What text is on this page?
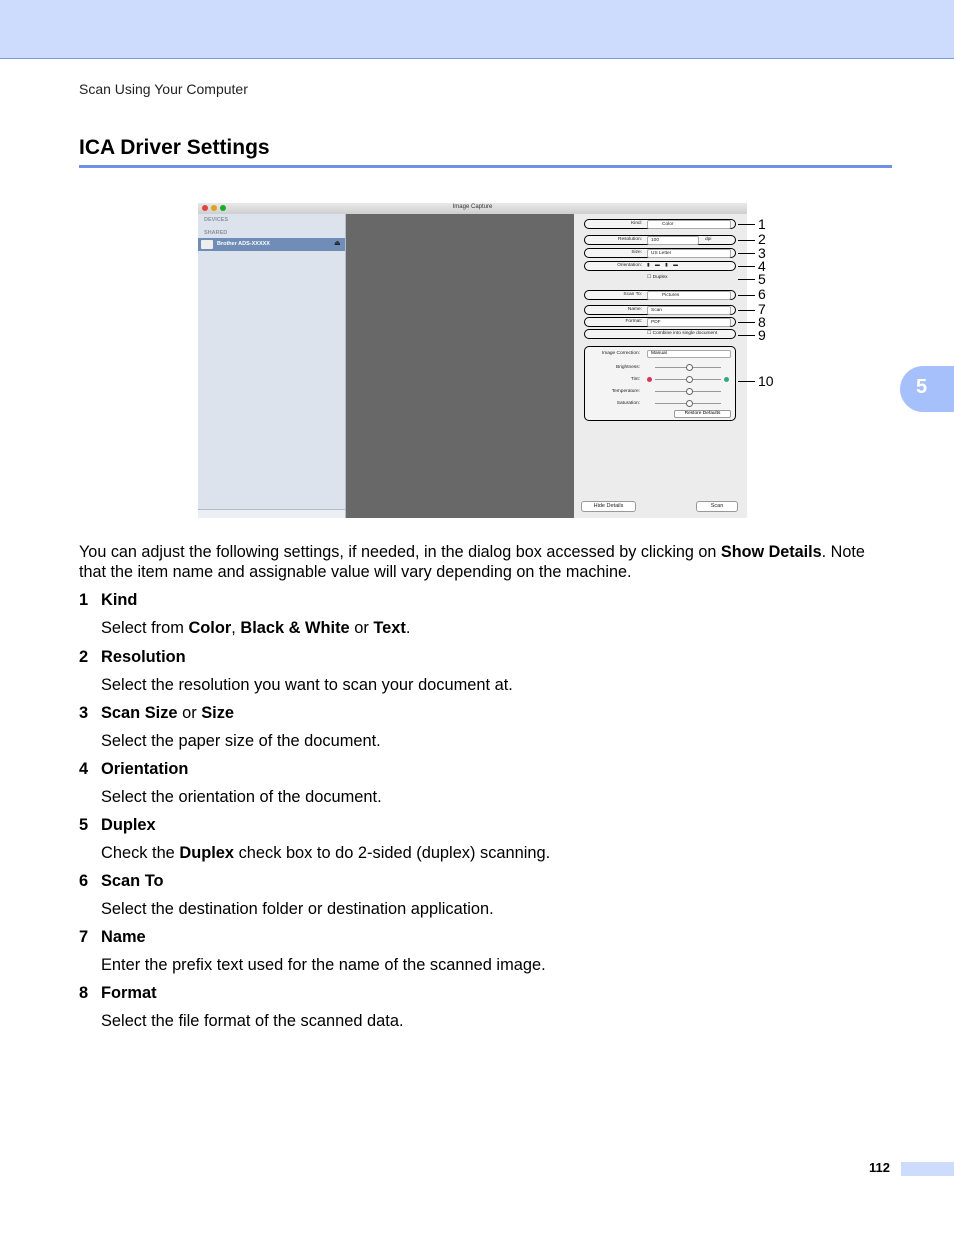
Scan Using Your Computer
ICA Driver Settings
5
Image Capture
DEVICES
SHARED
Brother ADS-XXXXX	⏏
Kind:	Color
Resolution: 100	dpi
Size: US Letter
Orientation: ▮ ▬ ▮ ▬
☐ Duplex
Scan To:	Pictures
Name: Scan
Format: PDF
☐ Combine into single document
Image Correction: Manual
Brightness:
Tint:
Temperature:
Saturation:
Restore Defaults
Hide Details	Scan
1
2
3
4
5
6
7
8
9
10
You can adjust the following settings, if needed, in the dialog box accessed by clicking on Show Details. Note that the item name and assignable value will vary depending on the machine.
1 Kind
Select from Color, Black & White or Text.
2 Resolution
Select the resolution you want to scan your document at.
3 Scan Size or Size
Select the paper size of the document.
4 Orientation
Select the orientation of the document.
5 Duplex
Check the Duplex check box to do 2-sided (duplex) scanning.
6 Scan To
Select the destination folder or destination application.
7 Name
Enter the prefix text used for the name of the scanned image.
8 Format
Select the file format of the scanned data.
112
